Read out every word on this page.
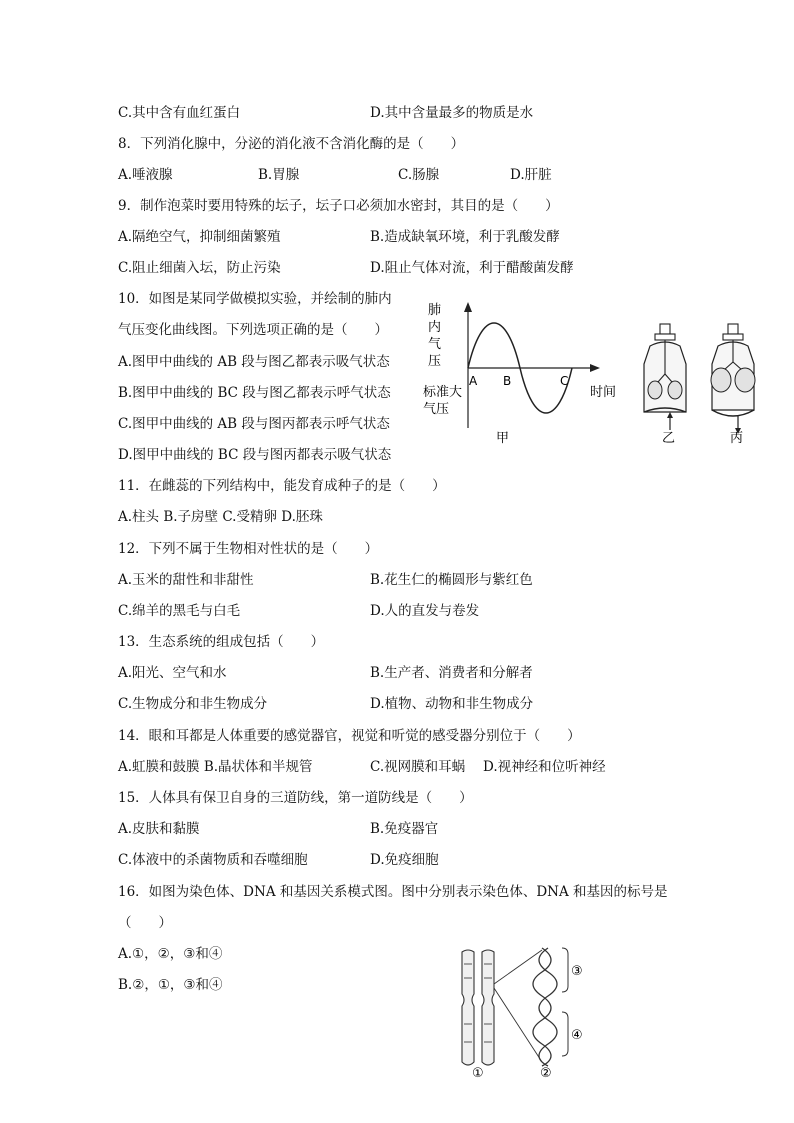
C.其中含有血红蛋白	D.其中含量最多的物质是水
8．下列消化腺中，分泌的消化液不含消化酶的是（　　）
A.唾液腺	B.胃腺	C.肠腺	D.肝脏
9．制作泡菜时要用特殊的坛子，坛子口必须加水密封，其目的是（　　）
A.隔绝空气，抑制细菌繁殖	B.造成缺氧环境，利于乳酸发酵
C.阻止细菌入坛，防止污染	D.阻止气体对流，利于醋酸菌发酵
10．如图是某同学做模拟实验，并绘制的肺内
气压变化曲线图。下列选项正确的是（　　）
A.图甲中曲线的 AB 段与图乙都表示吸气状态
B.图甲中曲线的 BC 段与图乙都表示呼气状态
C.图甲中曲线的 AB 段与图丙都表示呼气状态
D.图甲中曲线的 BC 段与图丙都表示吸气状态
肺
内
气
压
标准大
气压
A B	C
时间
甲	乙	丙
11．在雌蕊的下列结构中，能发育成种子的是（　　）
A.柱头 B.子房壁 C.受精卵 D.胚珠
12．下列不属于生物相对性状的是（　　）
A.玉米的甜性和非甜性	B.花生仁的椭圆形与紫红色
C.绵羊的黑毛与白毛	D.人的直发与卷发
13．生态系统的组成包括（　　）
A.阳光、空气和水	B.生产者、消费者和分解者
C.生物成分和非生物成分	D.植物、动物和非生物成分
14．眼和耳都是人体重要的感觉器官，视觉和听觉的感受器分别位于（　　）
A.虹膜和鼓膜 B.晶状体和半规管	C.视网膜和耳蜗 D.视神经和位听神经
15．人体具有保卫自身的三道防线，第一道防线是（　　）
A.皮肤和黏膜	B.免疫器官
C.体液中的杀菌物质和吞噬细胞	D.免疫细胞
16．如图为染色体、DNA 和基因关系模式图。图中分别表示染色体、DNA 和基因的标号是
（　　）
A.①，②，③和④
B.②，①，③和④
③
④
①	②
